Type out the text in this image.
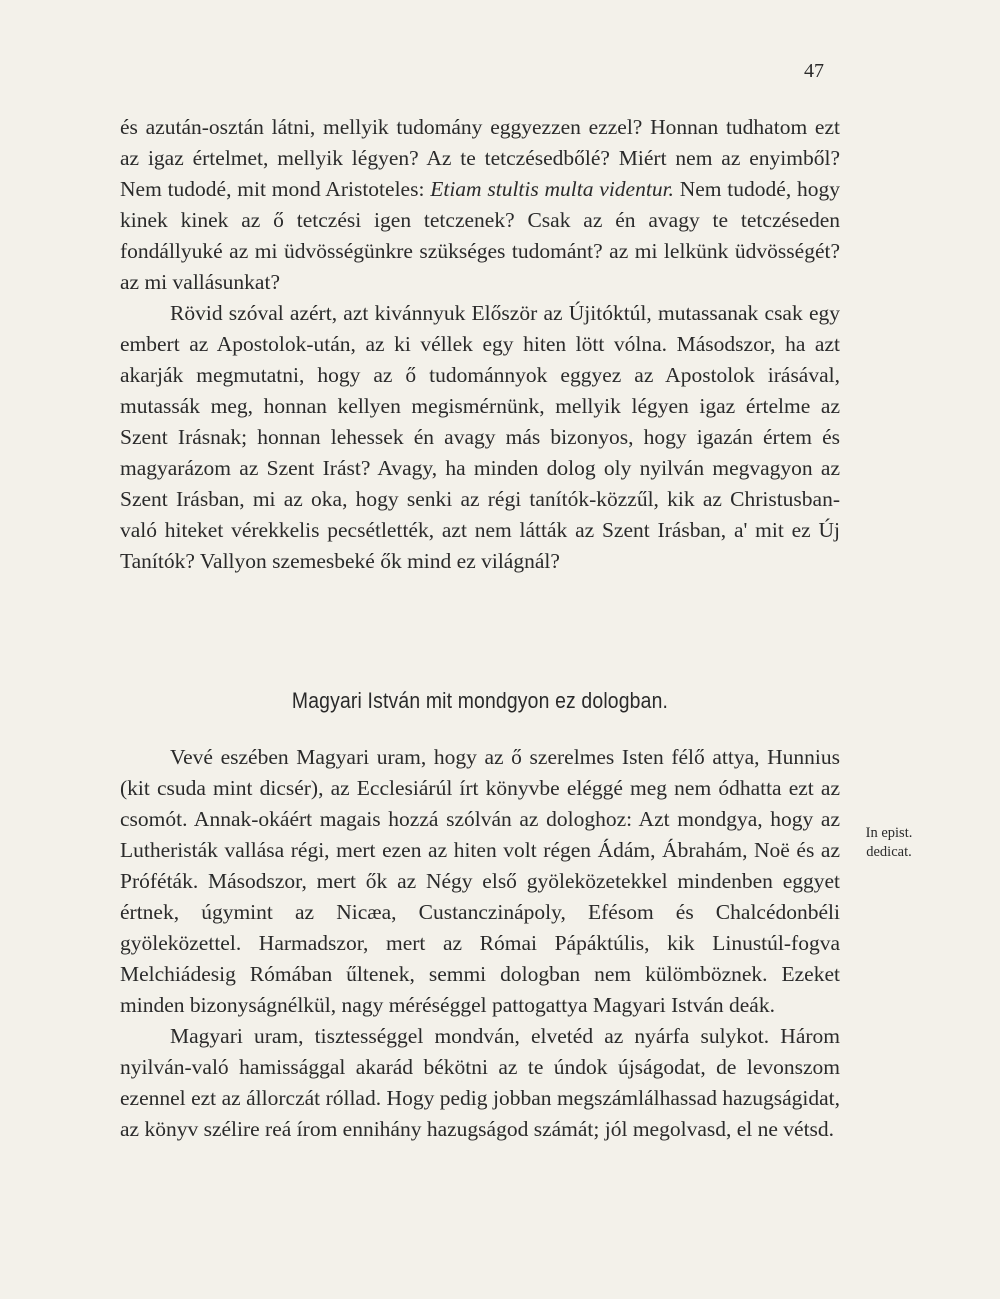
47

és azután-osztán látni, mellyik tudomány eggyezzen ezzel? Honnan tudhatom ezt az igaz értelmet, mellyik légyen? Az te tetczésedbőlé? Miért nem az enyimből? Nem tudodé, mit mond Aristoteles: Etiam stultis multa videntur. Nem tudodé, hogy kinek kinek az ő tetczési igen tetczenek? Csak az én avagy te tetczéseden fondállyuké az mi üdvösségünkre szükséges tudománt? az mi lelkünk üdvösségét? az mi vallásunkat?

Rövid szóval azért, azt kivánnyuk Először az Újitóktúl, mutassanak csak egy embert az Apostolok-után, az ki véllek egy hiten lött vólna. Másodszor, ha azt akarják megmutatni, hogy az ő tudománnyok eggyez az Apostolok irásával, mutassák meg, honnan kellyen megismérnünk, mellyik légyen igaz értelme az Szent Irásnak; honnan lehessek én avagy más bizonyos, hogy igazán értem és magyarázom az Szent Irást? Avagy, ha minden dolog oly nyilván megvagyon az Szent Irásban, mi az oka, hogy senki az régi tanítók-közzűl, kik az Christusban-való hiteket vérekkelis pecsétlették, azt nem látták az Szent Irásban, a' mit ez Új Tanítók? Vallyon szemesbeké ők mind ez világnál?

Magyari István mit mondgyon ez dologban.

Vevé eszében Magyari uram, hogy az ő szerelmes Isten félő attya, Hunnius (kit csuda mint dicsér), az Ecclesiárúl írt könyvbe eléggé meg nem ódhatta ezt az csomót. Annak-okáért magais hozzá szólván az dologhoz: Azt mondgya, hogy az Lutheristák vallása régi, mert ezen az hiten volt régen Ádám, Ábrahám, Noë és az Próféták. Másodszor, mert ők az Négy első gyöleközetekkel mindenben eggyet értnek, úgymint az Nicæa, Custanczinápoly, Efésom és Chalcédonbéli gyöleközettel. Harmadszor, mert az Római Pápáktúlis, kik Linustúl-fogva Melchiádesig Rómában űltenek, semmi dologban nem külömböznek. Ezeket minden bizonyságnélkül, nagy méréséggel pattogattya Magyari István deák.

Magyari uram, tisztességgel mondván, elvetéd az nyárfa sulykot. Három nyilván-való hamissággal akarád békötni az te úndok újságodat, de levonszom ezennel ezt az állorczát róllad. Hogy pedig jobban megszámlálhassad hazugságidat, az könyv szélire reá írom ennihány hazugságod számát; jól megolvasd, el ne vétsd.

In epist.
dedicat.
